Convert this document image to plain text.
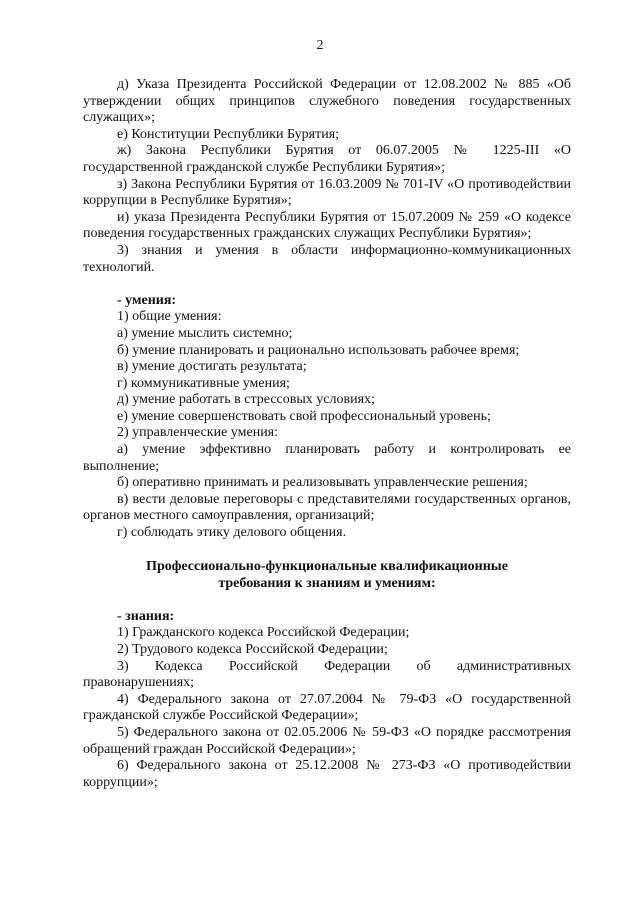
2

д) Указа Президента Российской Федерации от 12.08.2002 № 885 «Об утверждении общих принципов служебного поведения государственных служащих»;

е) Конституции Республики Бурятия;

ж) Закона Республики Бурятия от 06.07.2005 № 1225-III «О государственной гражданской службе Республики Бурятия»;

з) Закона Республики Бурятия от 16.03.2009 № 701-IV «О противодействии коррупции в Республике Бурятия»;

и) указа Президента Республики Бурятия от 15.07.2009 № 259 «О кодексе поведения государственных гражданских служащих Республики Бурятия»;

3) знания и умения в области информационно-коммуникационных технологий.

- умения:

1) общие умения:

а) умение мыслить системно;

б) умение планировать и рационально использовать рабочее время;

в) умение достигать результата;

г) коммуникативные умения;

д) умение работать в стрессовых условиях;

е) умение совершенствовать свой профессиональный уровень;

2) управленческие умения:

а) умение эффективно планировать работу и контролировать ее выполнение;

б) оперативно принимать и реализовывать управленческие решения;

в) вести деловые переговоры с представителями государственных органов, органов местного самоуправления, организаций;

г) соблюдать этику делового общения.

Профессионально-функциональные квалификационные

требования к знаниям и умениям:

- знания:

1) Гражданского кодекса Российской Федерации;

2) Трудового кодекса Российской Федерации;

3) Кодекса Российской Федерации об административных правонарушениях;

4) Федерального закона от 27.07.2004 № 79-ФЗ «О государственной гражданской службе Российской Федерации»;

5) Федерального закона от 02.05.2006 № 59-ФЗ «О порядке рассмотрения обращений граждан Российской Федерации»;

6) Федерального закона от 25.12.2008 № 273-ФЗ «О противодействии коррупции»;
